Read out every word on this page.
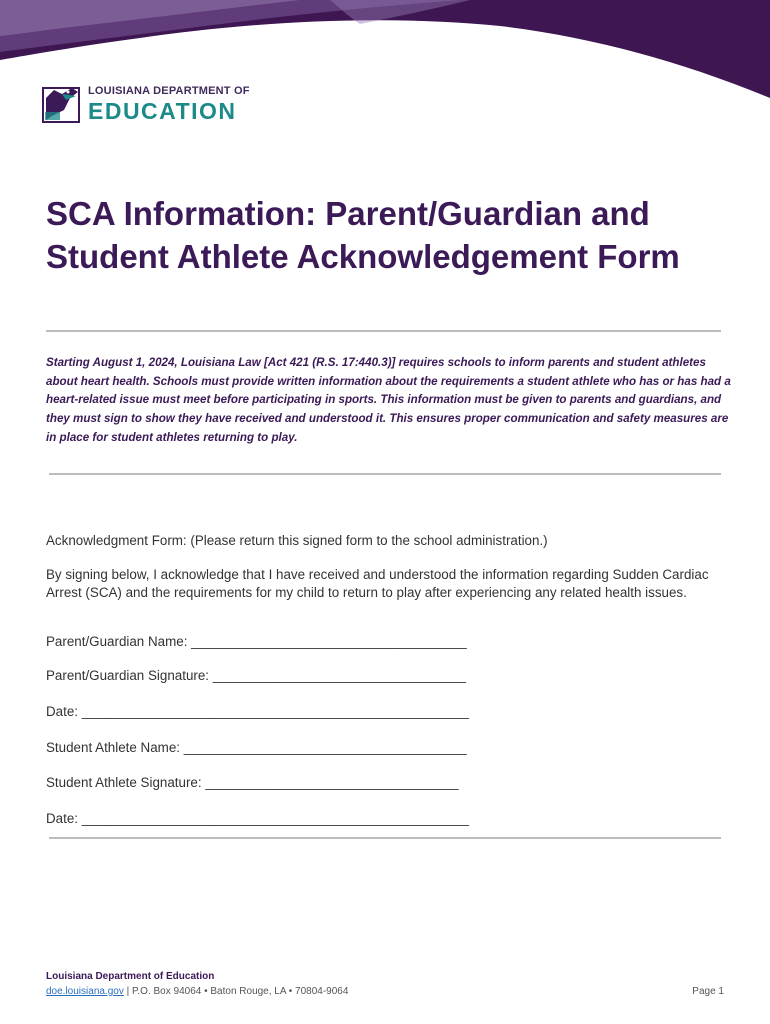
LOUISIANA DEPARTMENT OF
EDUCATION
SCA Information: Parent/Guardian and Student Athlete Acknowledgement Form

Starting August 1, 2024, Louisiana Law [Act 421 (R.S. 17:440.3)] requires schools to inform parents and student athletes about heart health. Schools must provide written information about the requirements a student athlete who has or has had a heart-related issue must meet before participating in sports. This information must be given to parents and guardians, and they must sign to show they have received and understood it. This ensures proper communication and safety measures are in place for student athletes returning to play.

Acknowledgment Form: (Please return this signed form to the school administration.)

By signing below, I acknowledge that I have received and understood the information regarding Sudden Cardiac Arrest (SCA) and the requirements for my child to return to play after experiencing any related health issues.

Parent/Guardian Name: _____________________________________

Parent/Guardian Signature: __________________________________

Date: ____________________________________________________

Student Athlete Name: ______________________________________

Student Athlete Signature: __________________________________

Date: ____________________________________________________

Louisiana Department of Education

doe.louisiana.gov | P.O. Box 94064 • Baton Rouge, LA • 70804-9064	Page 1
